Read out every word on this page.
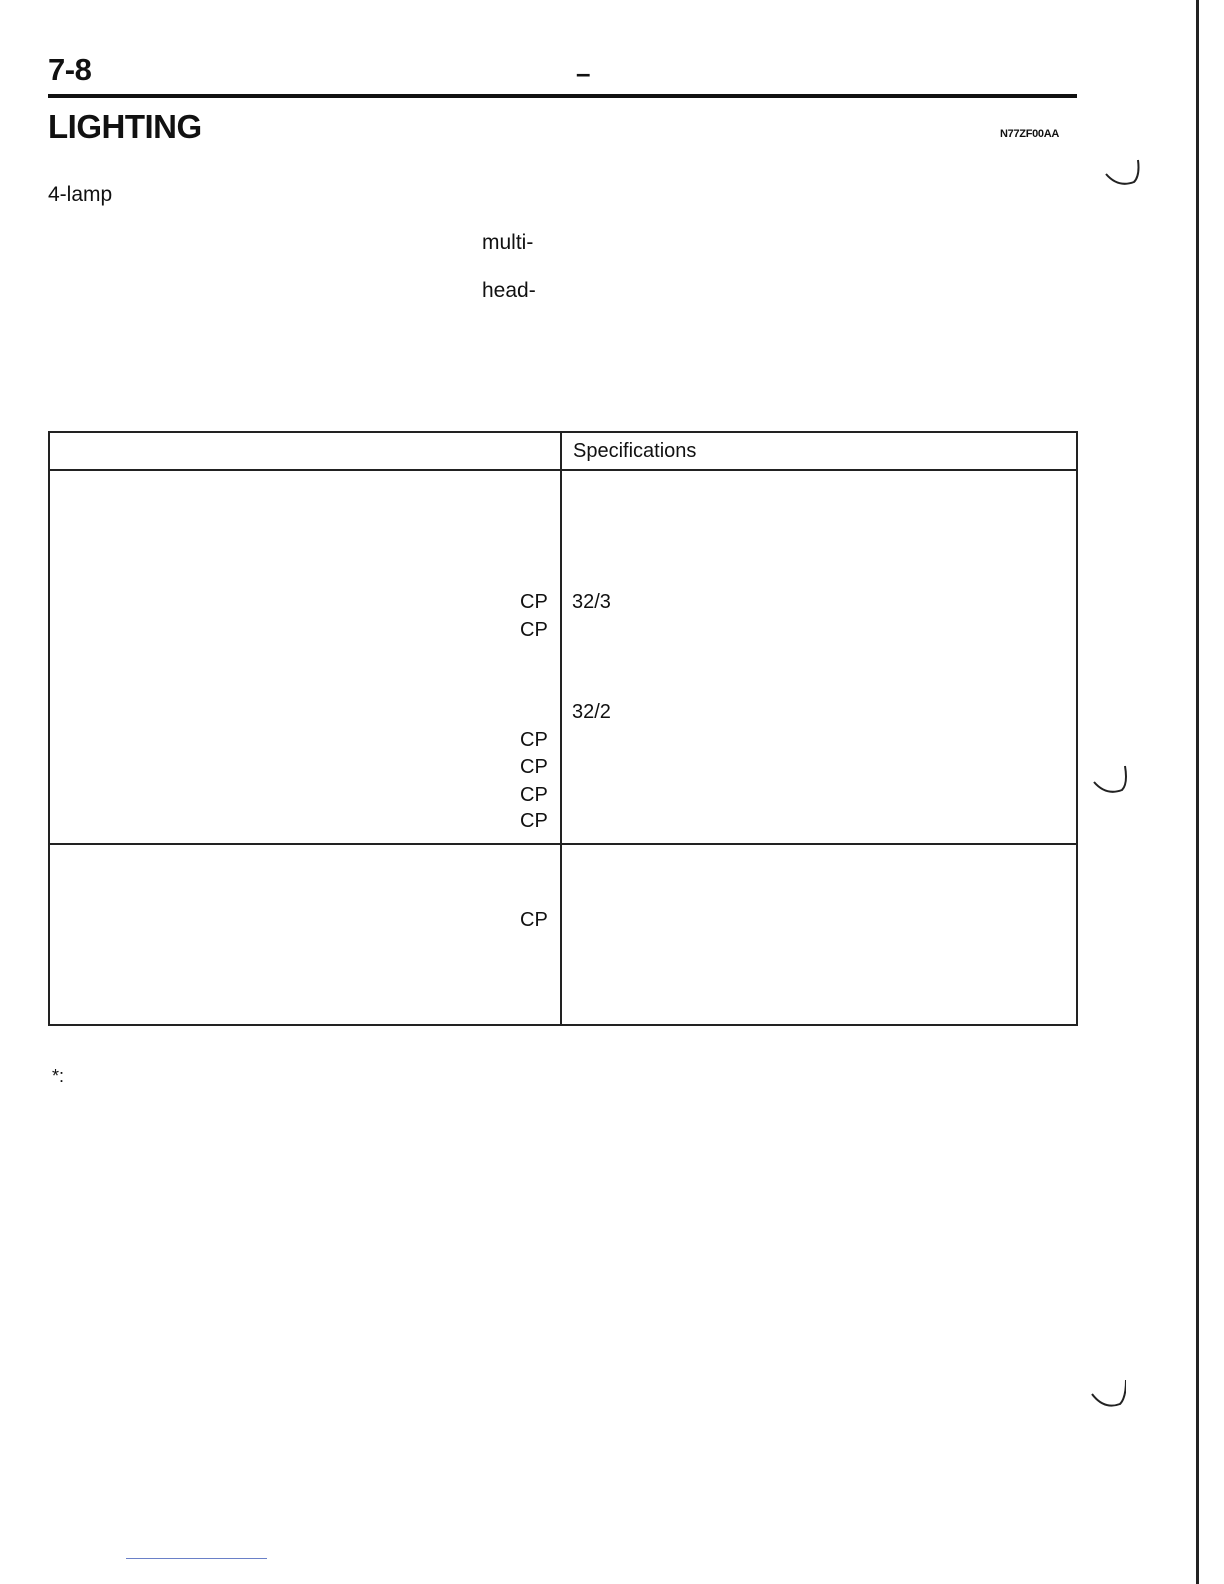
7-8	–
LIGHTING	N77ZF00AA
4-lamp
multi-
head-
Specifications
CP 32/3
CP
32/2
CP
CP
CP
CP
CP
*:
